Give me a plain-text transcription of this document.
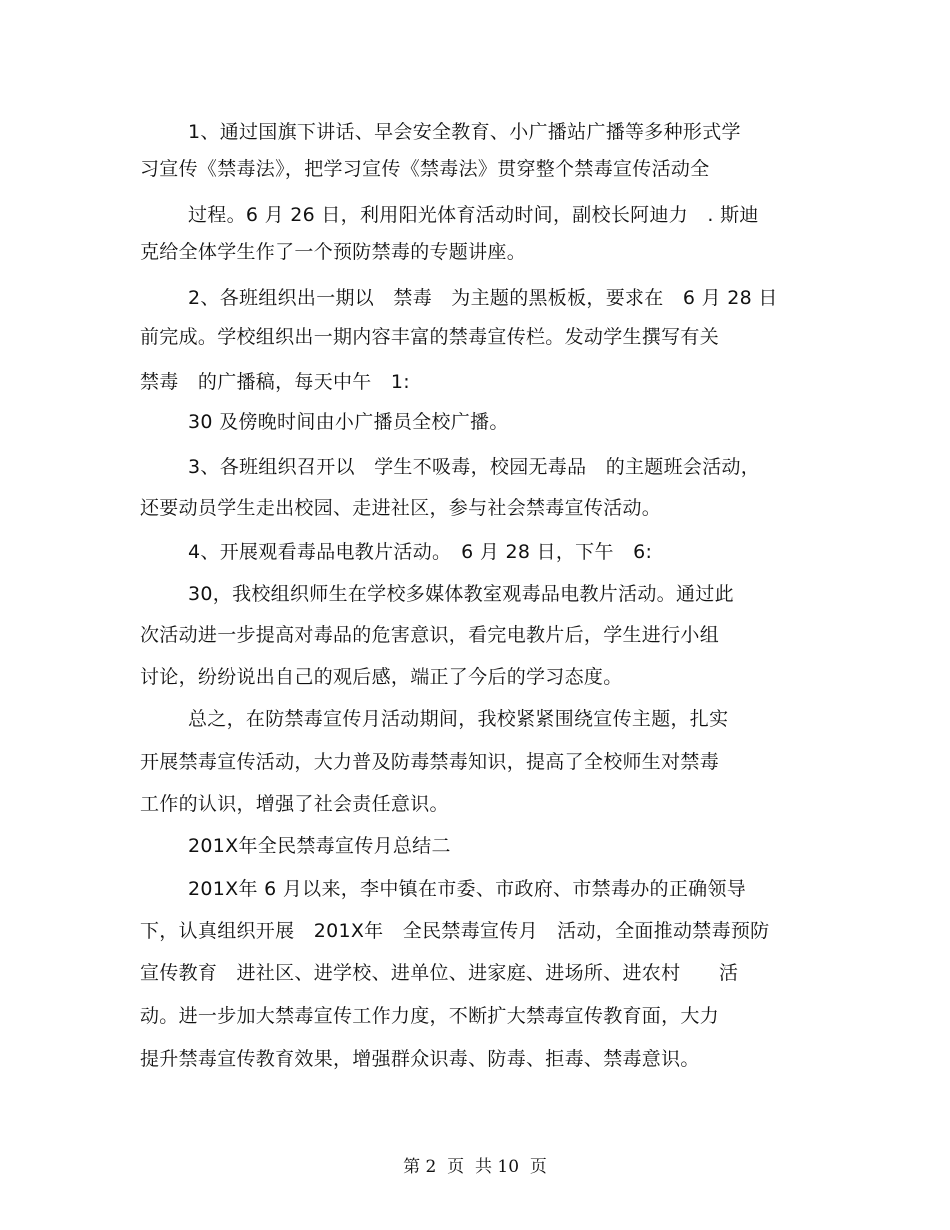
1、通过国旗下讲话、早会安全教育、小广播站广播等多种形式学
习宣传《禁毒法》，把学习宣传《禁毒法》贯穿整个禁毒宣传活动全
过程。6 月 26 日，利用阳光体育活动时间，副校长阿迪力　. 斯迪
克给全体学生作了一个预防禁毒的专题讲座。
2、各班组织出一期以　禁毒　为主题的黑板板，要求在　6 月 28 日
前完成。学校组织出一期内容丰富的禁毒宣传栏。发动学生撰写有关
禁毒　的广播稿，每天中午　1:
30 及傍晚时间由小广播员全校广播。
3、各班组织召开以　学生不吸毒，校园无毒品　的主题班会活动，
还要动员学生走出校园、走进社区，参与社会禁毒宣传活动。
4、开展观看毒品电教片活动。　6 月 28 日，下午　6:
30，我校组织师生在学校多媒体教室观毒品电教片活动。通过此
次活动进一步提高对毒品的危害意识，看完电教片后，学生进行小组
讨论，纷纷说出自己的观后感，端正了今后的学习态度。
总之，在防禁毒宣传月活动期间，我校紧紧围绕宣传主题，扎实
开展禁毒宣传活动，大力普及防毒禁毒知识，提高了全校师生对禁毒
工作的认识，增强了社会责任意识。
201X年全民禁毒宣传月总结二
201X年 6 月以来，李中镇在市委、市政府、市禁毒办的正确领导
下，认真组织开展　201X年　全民禁毒宣传月　活动，全面推动禁毒预防
宣传教育　进社区、进学校、进单位、进家庭、进场所、进农村　　活
动。进一步加大禁毒宣传工作力度，不断扩大禁毒宣传教育面，大力
提升禁毒宣传教育效果，增强群众识毒、防毒、拒毒、禁毒意识。
第 2  页  共 10  页
